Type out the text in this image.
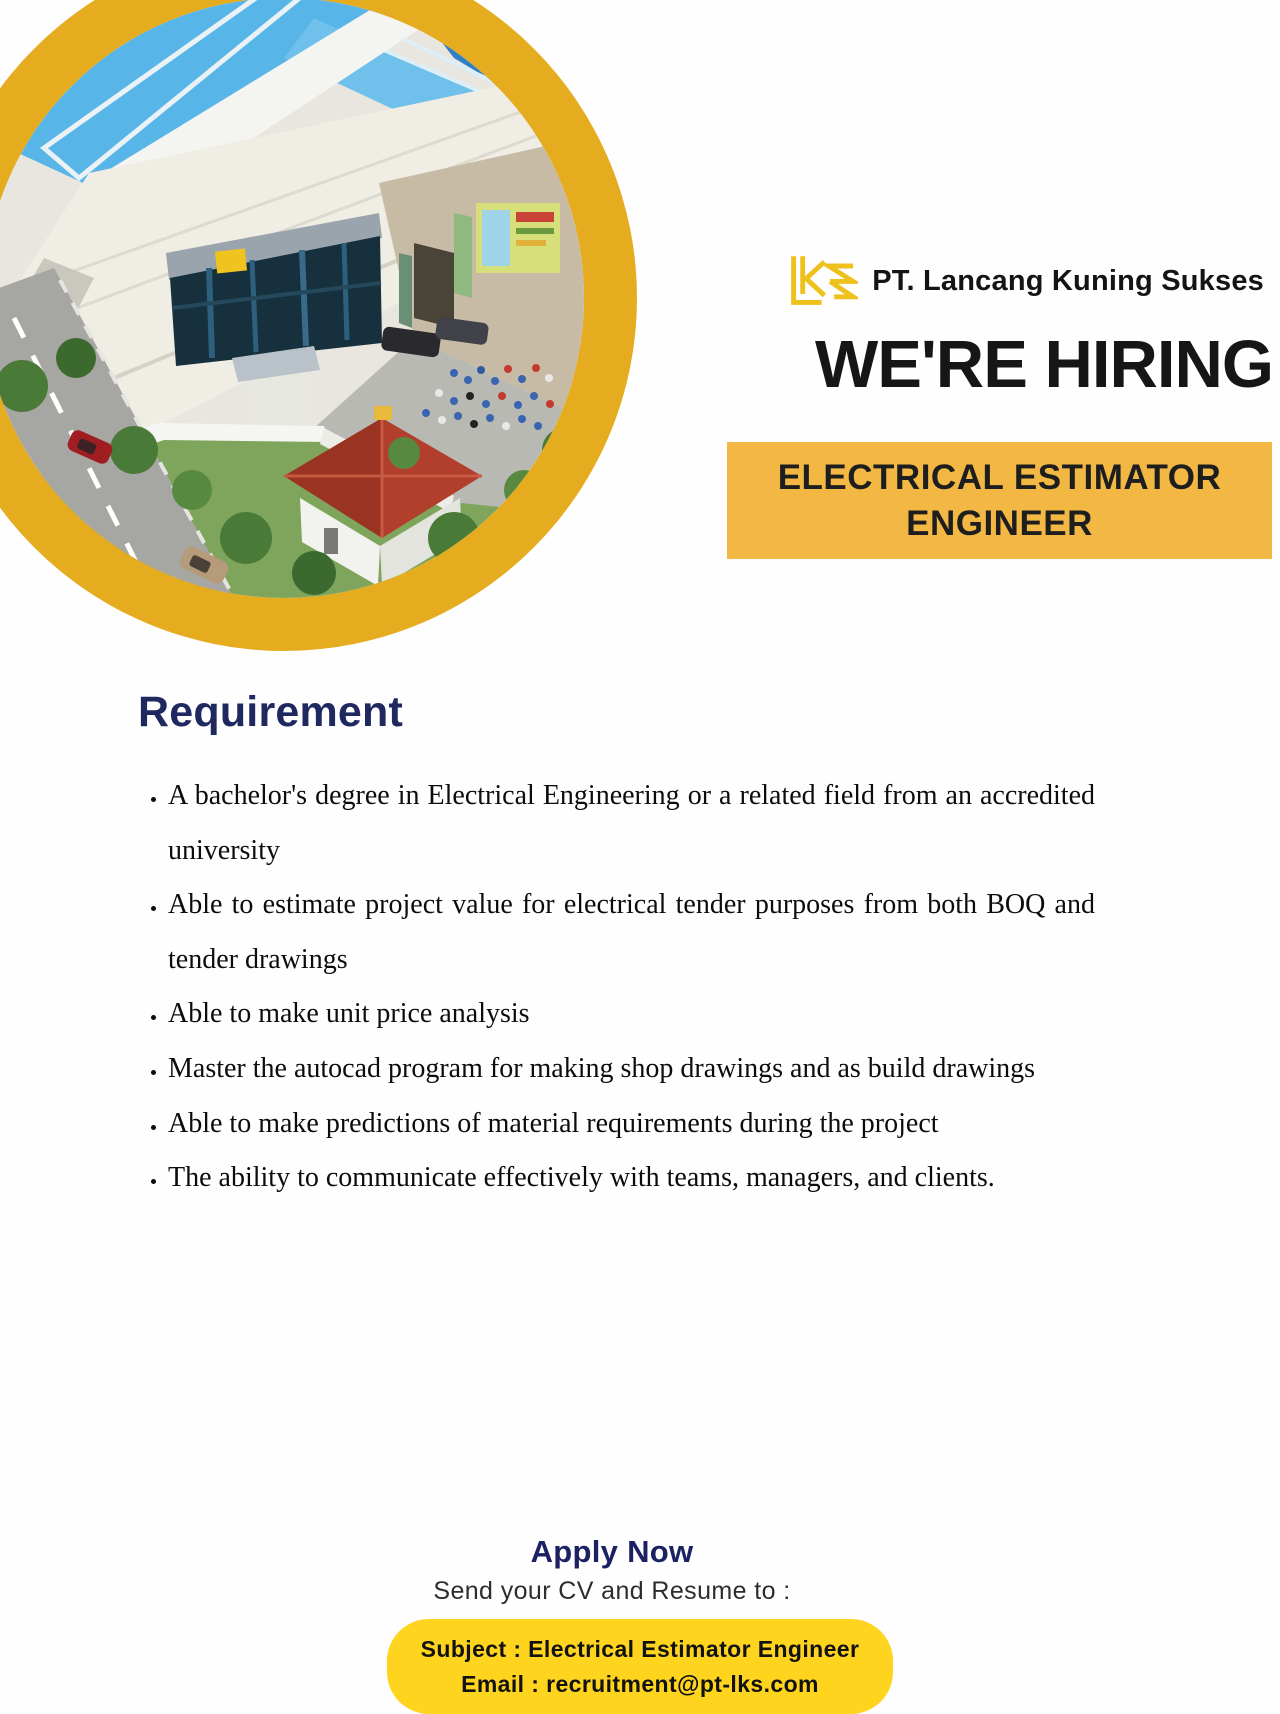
PT. Lancang Kuning Sukses
WE'RE HIRING
ELECTRICAL ESTIMATOR ENGINEER
Requirement
• A bachelor's degree in Electrical Engineering or a related field from an accredited university
• Able to estimate project value for electrical tender purposes from both BOQ and tender drawings
• Able to make unit price analysis
• Master the autocad program for making shop drawings and as build drawings
• Able to make predictions of material requirements during the project
• The ability to communicate effectively with teams, managers, and clients.
Apply Now

Send your CV and Resume to :

Subject : Electrical Estimator Engineer
Email : recruitment@pt-lks.com
